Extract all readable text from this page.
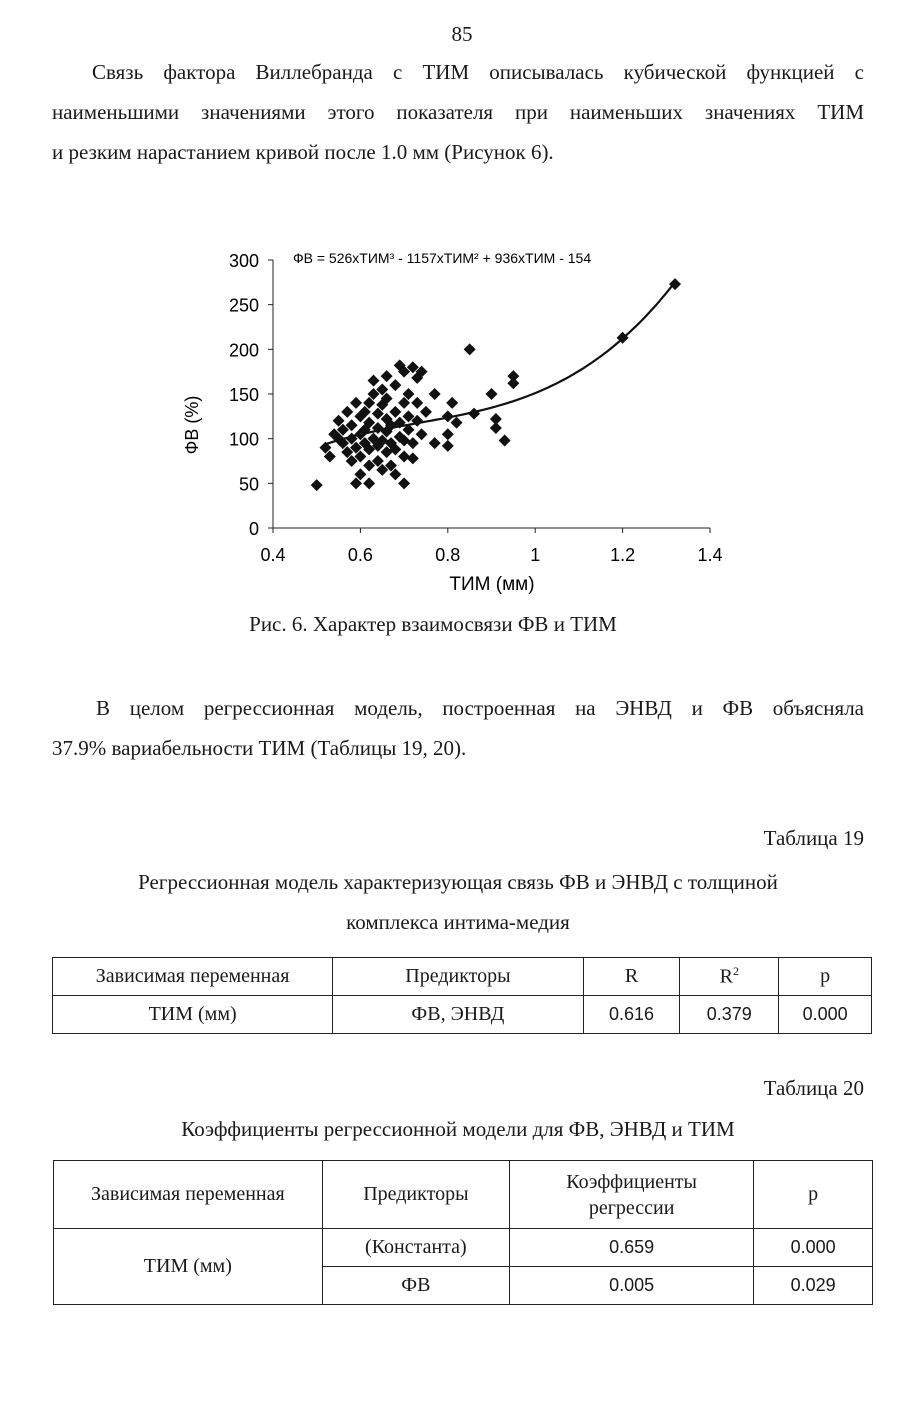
85

Связь фактора Виллебранда с ТИМ описывалась кубической функцией с

наименьшими значениями этого показателя при наименьших значениях ТИМ

и резким нарастанием кривой после 1.0 мм (Рисунок 6).

ФВ = 526хТИМ³ - 1157хТИМ² + 936хТИМ - 154
ФВ (%)
ТИМ (мм)
0
50
100
150
200
250
300
0.4	0.6	0.8	1	1.2	1.4
Рис. 6. Характер взаимосвязи ФВ и ТИМ

В целом регрессионная модель, построенная на ЭНВД и ФВ объясняла

37.9% вариабельности ТИМ (Таблицы 19, 20).

Таблица 19
Регрессионная модель характеризующая связь ФВ и ЭНВД с толщиной
комплекса интима-медия
Зависимая переменная	Предикторы	R	$R^2$	p
ТИМ (мм)	ФВ, ЭНВД	0.616	0.379	0.000
Таблица 20
Коэффициенты регрессионной модели для ФВ, ЭНВД и ТИМ
Зависимая переменная	Предикторы	Коэффициенты регрессии	p
ТИМ (мм)	(Константа)	0.659	0.000
	ФВ	0.005	0.029
